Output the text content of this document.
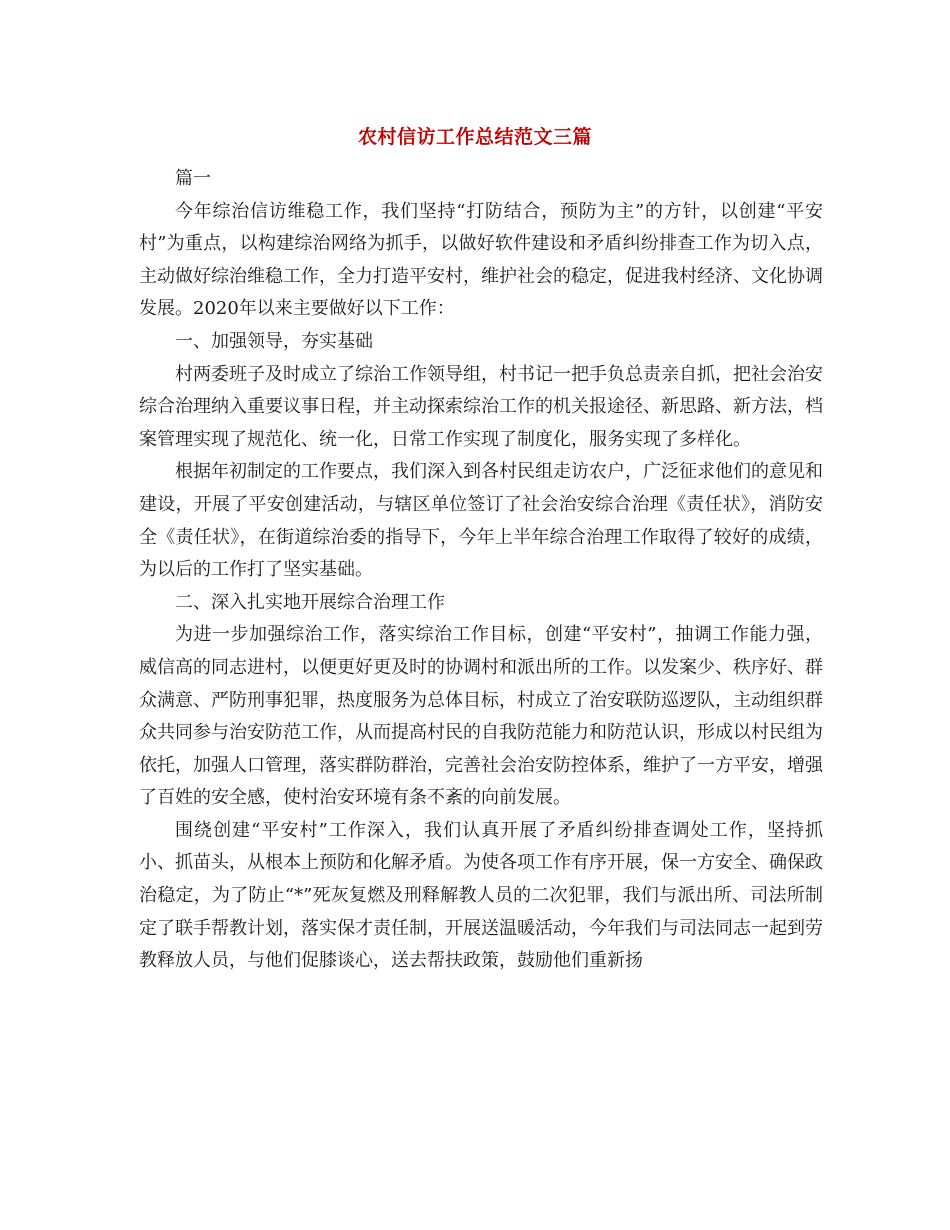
农村信访工作总结范文三篇

篇一

今年综治信访维稳工作，我们坚持“打防结合，预防为主”的方针，以创建“平安村”为重点，以构建综治网络为抓手，以做好软件建设和矛盾纠纷排查工作为切入点，主动做好综治维稳工作，全力打造平安村，维护社会的稳定，促进我村经济、文化协调发展。2020年以来主要做好以下工作：

一、加强领导，夯实基础

村两委班子及时成立了综治工作领导组，村书记一把手负总责亲自抓，把社会治安综合治理纳入重要议事日程，并主动探索综治工作的机关报途径、新思路、新方法，档案管理实现了规范化、统一化，日常工作实现了制度化，服务实现了多样化。

根据年初制定的工作要点，我们深入到各村民组走访农户，广泛征求他们的意见和建设，开展了平安创建活动，与辖区单位签订了社会治安综合治理《责任状》，消防安全《责任状》，在街道综治委的指导下，今年上半年综合治理工作取得了较好的成绩，为以后的工作打了坚实基础。

二、深入扎实地开展综合治理工作

为进一步加强综治工作，落实综治工作目标，创建“平安村”，抽调工作能力强，威信高的同志进村，以便更好更及时的协调村和派出所的工作。以发案少、秩序好、群众满意、严防刑事犯罪，热度服务为总体目标，村成立了治安联防巡逻队，主动组织群众共同参与治安防范工作，从而提高村民的自我防范能力和防范认识，形成以村民组为依托，加强人口管理，落实群防群治，完善社会治安防控体系，维护了一方平安，增强了百姓的安全感，使村治安环境有条不紊的向前发展。

围绕创建“平安村”工作深入，我们认真开展了矛盾纠纷排查调处工作，坚持抓小、抓苗头，从根本上预防和化解矛盾。为使各项工作有序开展，保一方安全、确保政治稳定，为了防止“*”死灰复燃及刑释解教人员的二次犯罪，我们与派出所、司法所制定了联手帮教计划，落实保才责任制，开展送温暖活动，今年我们与司法同志一起到劳教释放人员，与他们促膝谈心，送去帮扶政策，鼓励他们重新扬
